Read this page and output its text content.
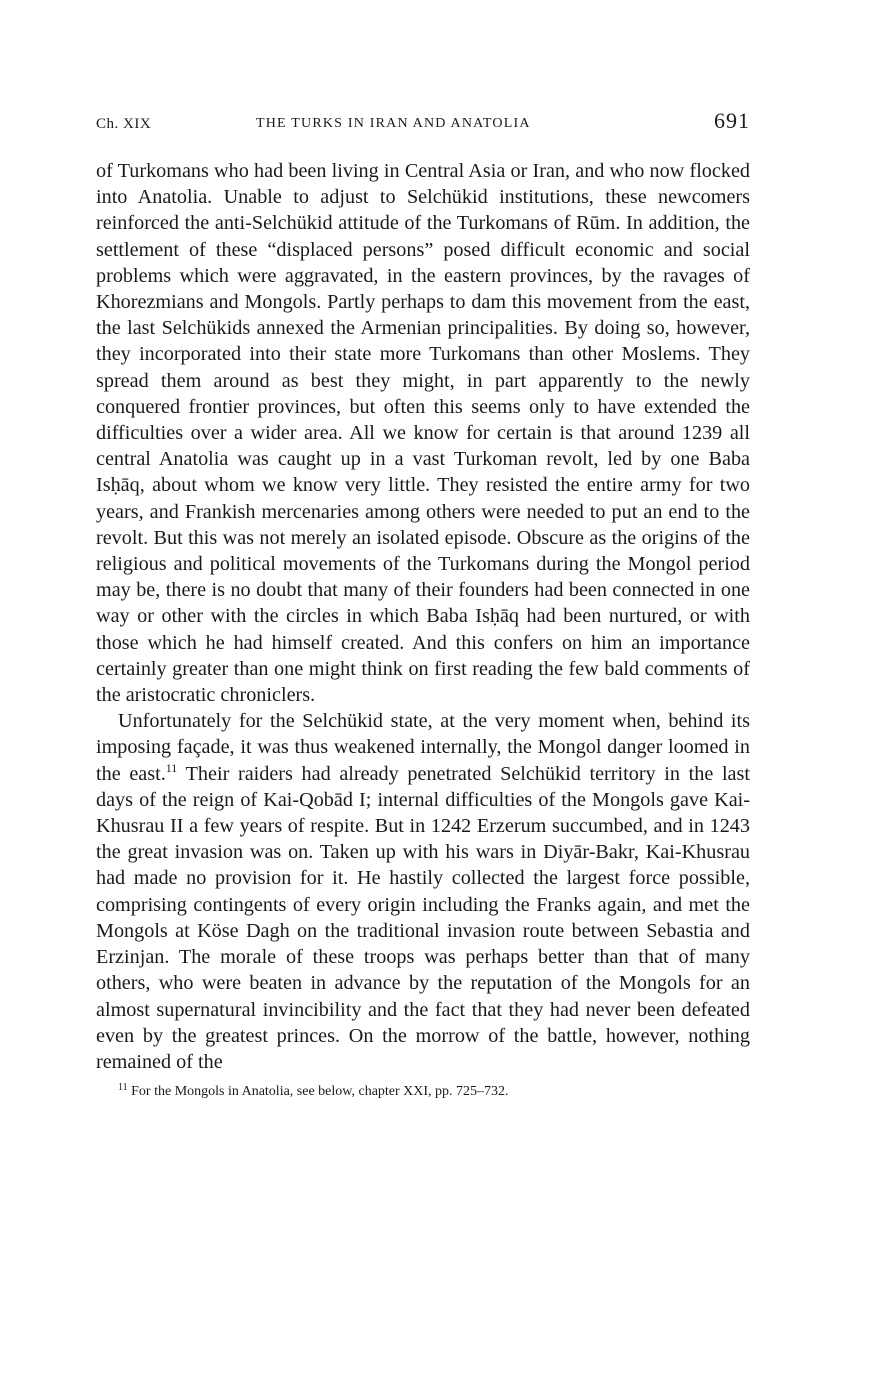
Ch. XIX	THE TURKS IN IRAN AND ANATOLIA	691

of Turkomans who had been living in Central Asia or Iran, and who now flocked into Anatolia. Unable to adjust to Selchükid institutions, these newcomers reinforced the anti-Selchükid attitude of the Turkomans of Rūm. In addition, the settlement of these “displaced persons” posed difficult economic and social problems which were aggravated, in the eastern provinces, by the ravages of Khorezmians and Mongols. Partly perhaps to dam this movement from the east, the last Selchükids annexed the Armenian principalities. By doing so, however, they incorporated into their state more Turkomans than other Moslems. They spread them around as best they might, in part apparently to the newly conquered frontier provinces, but often this seems only to have extended the difficulties over a wider area. All we know for certain is that around 1239 all central Anatolia was caught up in a vast Turkoman revolt, led by one Baba Isḥāq, about whom we know very little. They resisted the entire army for two years, and Frankish mercenaries among others were needed to put an end to the revolt. But this was not merely an isolated episode. Obscure as the origins of the religious and political movements of the Turkomans during the Mongol period may be, there is no doubt that many of their founders had been connected in one way or other with the circles in which Baba Isḥāq had been nurtured, or with those which he had himself created. And this confers on him an importance certainly greater than one might think on first reading the few bald comments of the aristocratic chroniclers.

Unfortunately for the Selchükid state, at the very moment when, behind its imposing façade, it was thus weakened internally, the Mongol danger loomed in the east.$^{11}$ Their raiders had already penetrated Selchükid territory in the last days of the reign of Kai-Qobād I; internal difficulties of the Mongols gave Kai-Khusrau II a few years of respite. But in 1242 Erzerum succumbed, and in 1243 the great invasion was on. Taken up with his wars in Diyār-Bakr, Kai-Khusrau had made no provision for it. He hastily collected the largest force possible, comprising contingents of every origin including the Franks again, and met the Mongols at Köse Dagh on the traditional invasion route between Sebastia and Erzinjan. The morale of these troops was perhaps better than that of many others, who were beaten in advance by the reputation of the Mongols for an almost supernatural invincibility and the fact that they had never been defeated even by the greatest princes. On the morrow of the battle, however, nothing remained of the

$^{11}$ For the Mongols in Anatolia, see below, chapter XXI, pp. 725–732.
